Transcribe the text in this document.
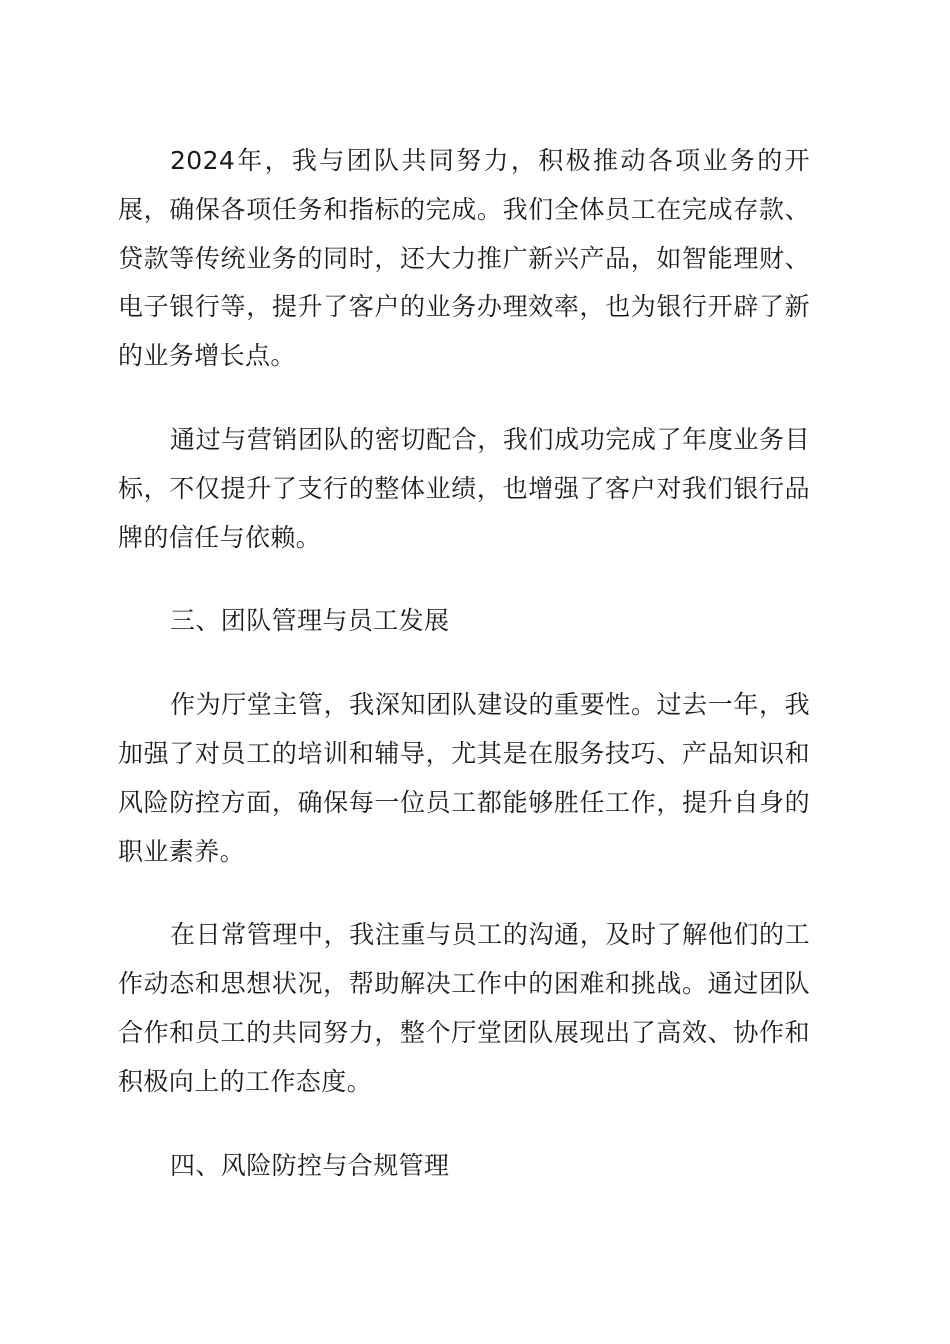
2024年，我与团队共同努力，积极推动各项业务的开展，确保各项任务和指标的完成。我们全体员工在完成存款、贷款等传统业务的同时，还大力推广新兴产品，如智能理财、电子银行等，提升了客户的业务办理效率，也为银行开辟了新的业务增长点。

通过与营销团队的密切配合，我们成功完成了年度业务目标，不仅提升了支行的整体业绩，也增强了客户对我们银行品牌的信任与依赖。

三、团队管理与员工发展

作为厅堂主管，我深知团队建设的重要性。过去一年，我加强了对员工的培训和辅导，尤其是在服务技巧、产品知识和风险防控方面，确保每一位员工都能够胜任工作，提升自身的职业素养。

在日常管理中，我注重与员工的沟通，及时了解他们的工作动态和思想状况，帮助解决工作中的困难和挑战。通过团队合作和员工的共同努力，整个厅堂团队展现出了高效、协作和积极向上的工作态度。

四、风险防控与合规管理
